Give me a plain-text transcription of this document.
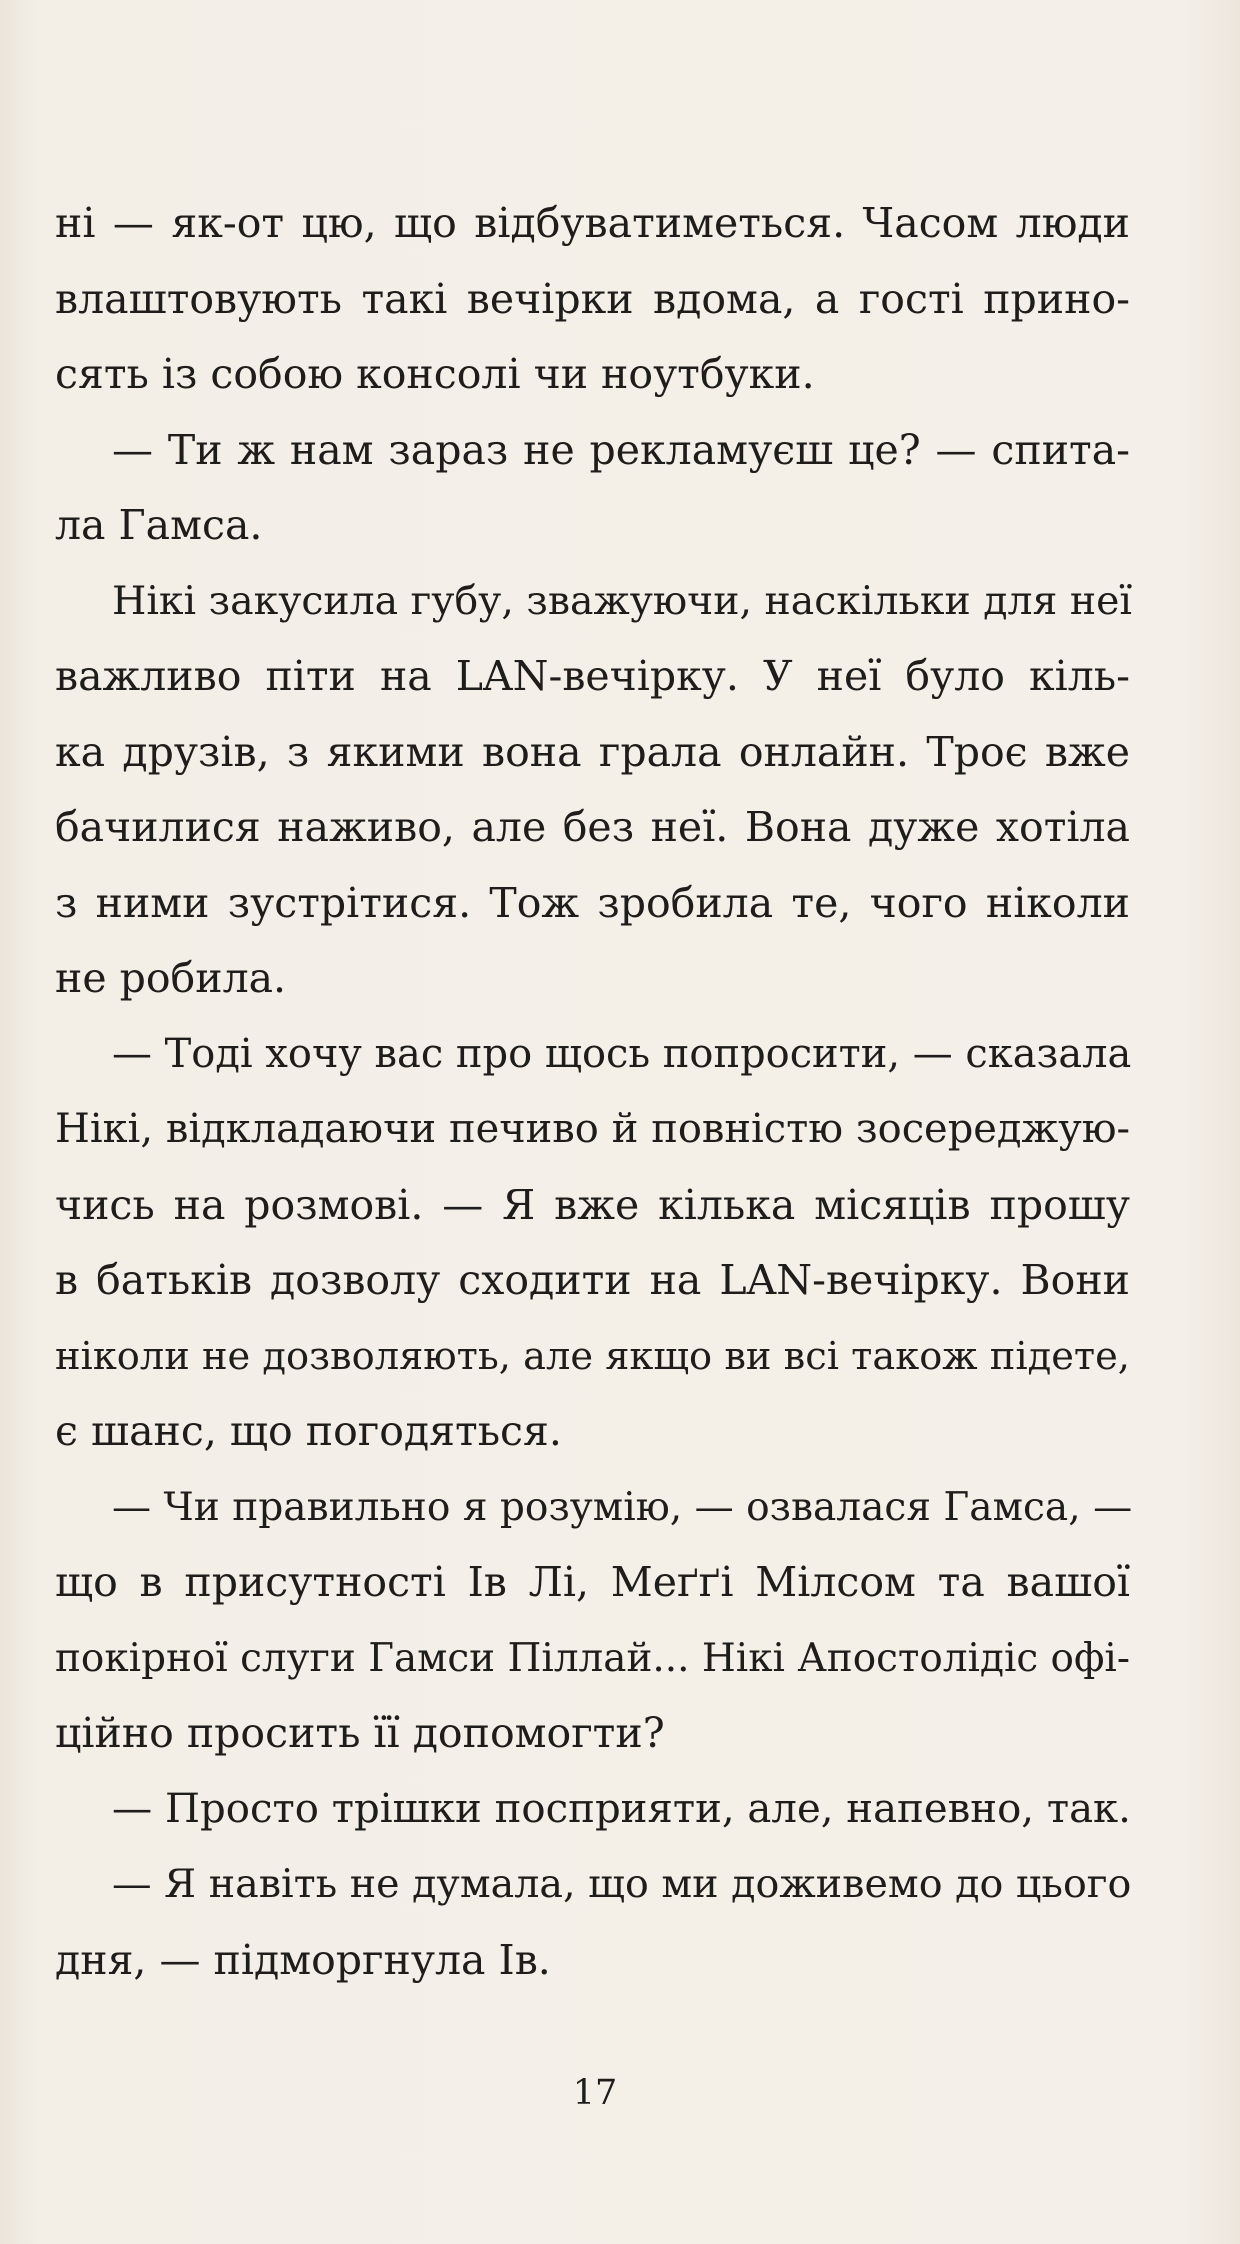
ні — як-от цю, що відбуватиметься. Часом люди
влаштовують такі вечірки вдома, а гості прино-
сять із собою консолі чи ноутбуки.
— Ти ж нам зараз не рекламуєш це? — спита-
ла Гамса.
Нікі закусила губу, зважуючи, наскільки для неї
важливо піти на LAN-вечірку. У неї було кіль-
ка друзів, з якими вона грала онлайн. Троє вже
бачилися наживо, але без неї. Вона дуже хотіла
з ними зустрітися. Тож зробила те, чого ніколи
не робила.
— Тоді хочу вас про щось попросити, — сказала
Нікі, відкладаючи печиво й повністю зосереджую-
чись на розмові. — Я вже кілька місяців прошу
в батьків дозволу сходити на LAN-вечірку. Вони
ніколи не дозволяють, але якщо ви всі також підете,
є шанс, що погодяться.
— Чи правильно я розумію, — озвалася Гамса, —
що в присутності Ів Лі, Меґґі Мілсом та вашої
покірної слуги Гамси Піллай... Нікі Апостолідіс офі-
ційно просить її допомогти?
— Просто трішки посприяти, але, напевно, так.
— Я навіть не думала, що ми доживемо до цього
дня, — підморгнула Ів.

17
